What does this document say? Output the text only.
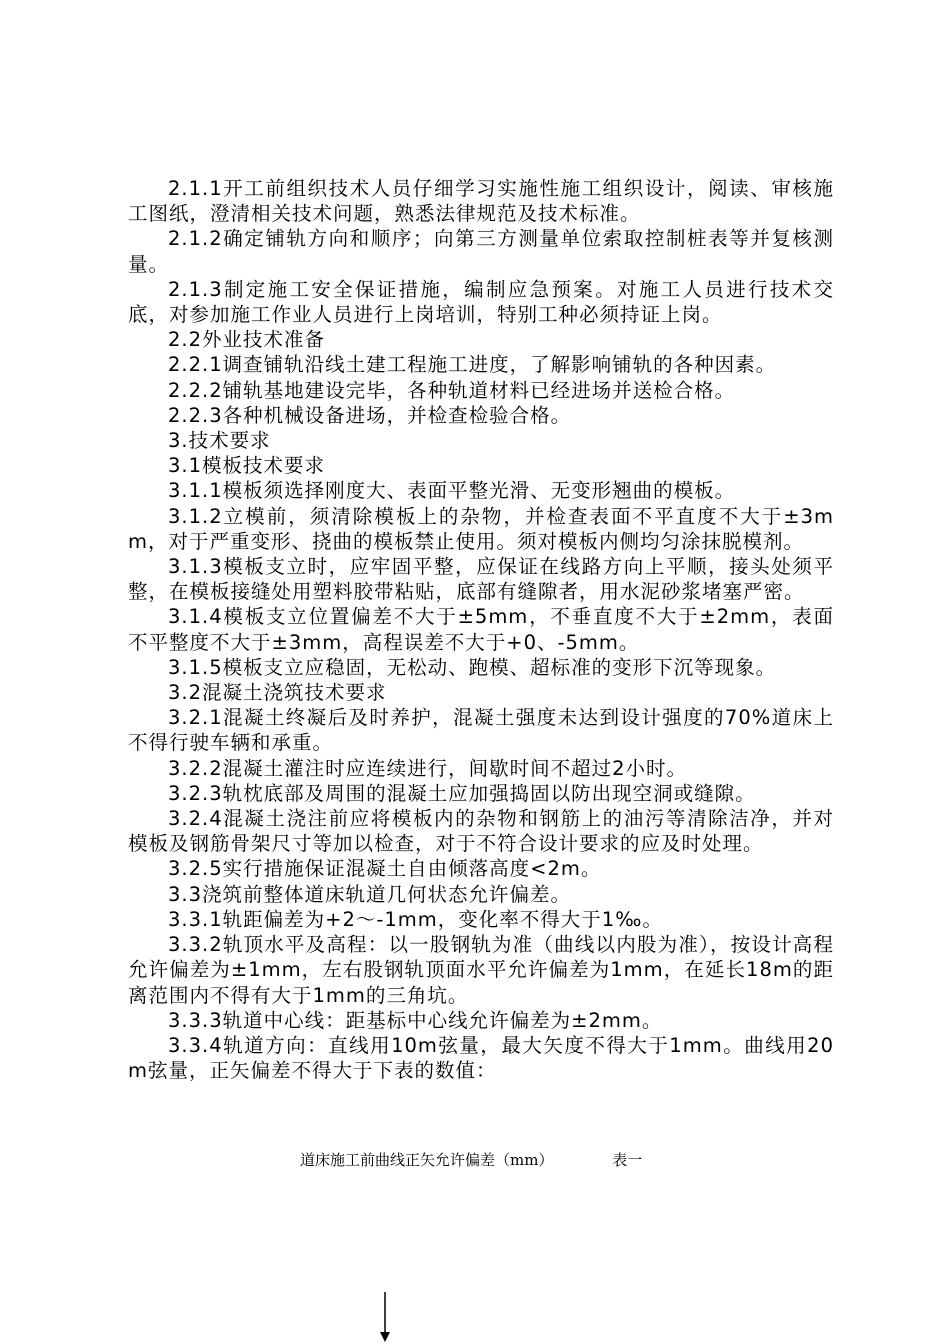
2.1.1开工前组织技术人员仔细学习实施性施工组织设计，阅读、审核施工图纸，澄清相关技术问题，熟悉法律规范及技术标准。

2.1.2确定铺轨方向和顺序；向第三方测量单位索取控制桩表等并复核测量。

2.1.3制定施工安全保证措施，编制应急预案。对施工人员进行技术交底，对参加施工作业人员进行上岗培训，特别工种必须持证上岗。

2.2外业技术准备

2.2.1调查铺轨沿线土建工程施工进度，了解影响铺轨的各种因素。

2.2.2铺轨基地建设完毕，各种轨道材料已经进场并送检合格。

2.2.3各种机械设备进场，并检查检验合格。

3.技术要求

3.1模板技术要求

3.1.1模板须选择刚度大、表面平整光滑、无变形翘曲的模板。

3.1.2立模前，须清除模板上的杂物，并检查表面不平直度不大于±3mm，对于严重变形、挠曲的模板禁止使用。须对模板内侧均匀涂抹脱模剂。

3.1.3模板支立时，应牢固平整，应保证在线路方向上平顺，接头处须平整，在模板接缝处用塑料胶带粘贴，底部有缝隙者，用水泥砂浆堵塞严密。

3.1.4模板支立位置偏差不大于±5mm，不垂直度不大于±2mm，表面不平整度不大于±3mm，高程误差不大于+0、-5mm。

3.1.5模板支立应稳固，无松动、跑模、超标准的变形下沉等现象。

3.2混凝土浇筑技术要求

3.2.1混凝土终凝后及时养护，混凝土强度未达到设计强度的70%道床上不得行驶车辆和承重。

3.2.2混凝土灌注时应连续进行，间歇时间不超过2小时。

3.2.3轨枕底部及周围的混凝土应加强捣固以防出现空洞或缝隙。

3.2.4混凝土浇注前应将模板内的杂物和钢筋上的油污等清除洁净，并对模板及钢筋骨架尺寸等加以检查，对于不符合设计要求的应及时处理。

3.2.5实行措施保证混凝土自由倾落高度<2m。

3.3浇筑前整体道床轨道几何状态允许偏差。

3.3.1轨距偏差为+2～-1mm，变化率不得大于1‰。

3.3.2轨顶水平及高程：以一股钢轨为准（曲线以内股为准），按设计高程允许偏差为±1mm，左右股钢轨顶面水平允许偏差为1mm，在延长18m的距离范围内不得有大于1mm的三角坑。

3.3.3轨道中心线：距基标中心线允许偏差为±2mm。

3.3.4轨道方向：直线用10m弦量，最大矢度不得大于1mm。曲线用20m弦量，正矢偏差不得大于下表的数值：

道床施工前曲线正矢允许偏差（mm）	表一
